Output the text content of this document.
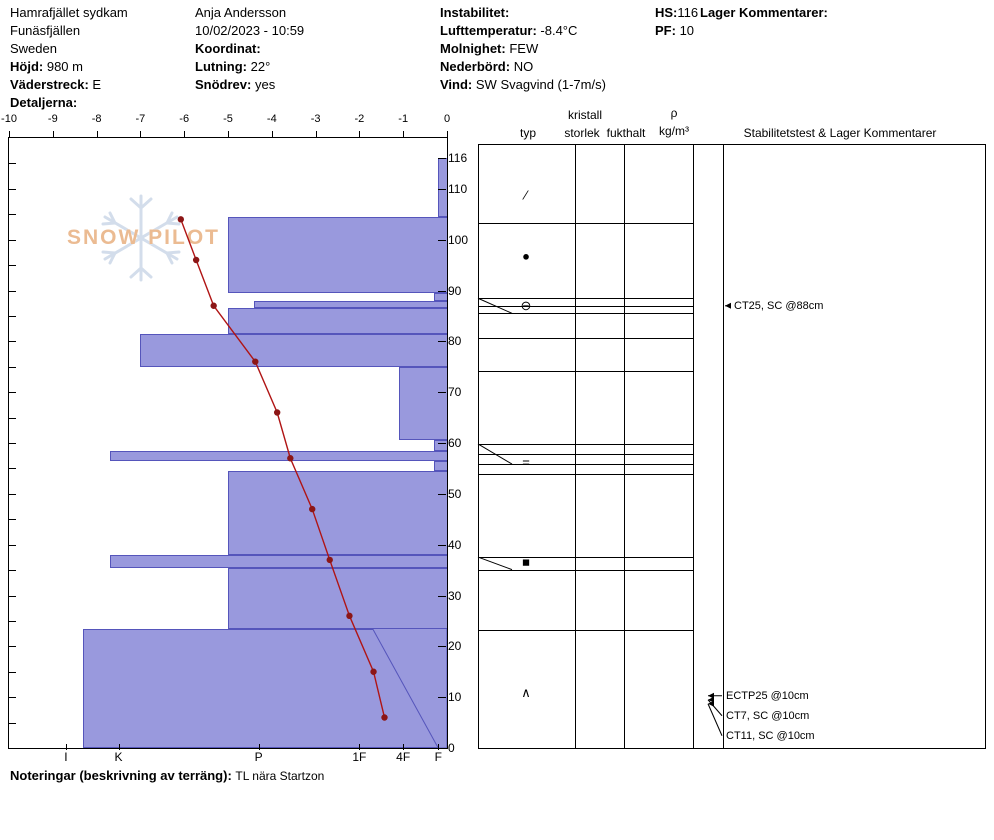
Hamrafjället sydkam
Funäsfjällen
Sweden
Höjd: 980 m
Väderstreck: E
Detaljerna:
Anja Andersson
10/02/2023 - 10:59
Koordinat:
Lutning: 22°
Snödrev: yes
Instabilitet:
Lufttemperatur: -8.4°C
Molnighet: FEW
Nederbörd: NO
Vind: SW Svagvind (1-7m/s)
HS:116
PF: 10
Lager Kommentarer:
-10	-9	-8	-7	-6	-5	-4	-3	-2	-1	0
SNOW PILOT
0
10
20
30
40
50
60
70
80
90
100
110
116
I	K	P	1F 4F F
kristall
typ	storlek fukthalt
ρ
kg/m³	Stabilitetstest & Lager Kommentarer
⁄
●
⊖
=
■
∧
CT25, SC @88cm
ECTP25 @10cm
CT7, SC @10cm
CT11, SC @10cm
Noteringar (beskrivning av terräng): TL nära Startzon
